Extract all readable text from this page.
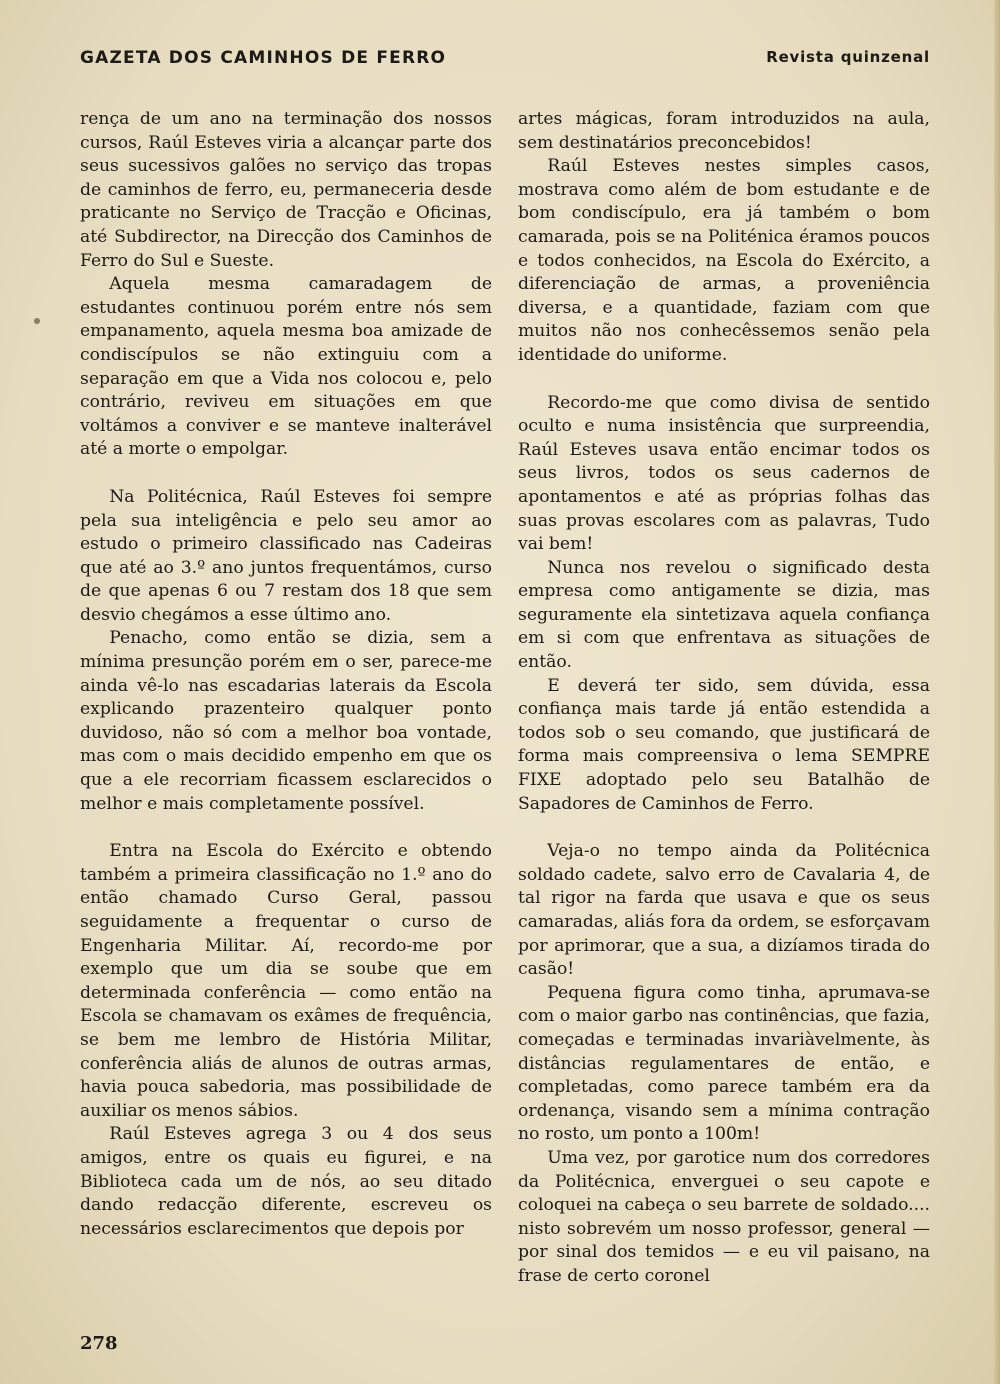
GAZETA DOS CAMINHOS DE FERRO	Revista quinzenal

rença de um ano na terminação dos nossos cursos, Raúl Esteves viria a alcançar parte dos seus sucessivos galões no serviço das tropas de caminhos de ferro, eu, permaneceria desde praticante no Serviço de Tracção e Oficinas, até Subdirector, na Direcção dos Caminhos de Ferro do Sul e Sueste.

Aquela mesma camaradagem de estudantes continuou porém entre nós sem empanamento, aquela mesma boa amizade de condiscípulos se não extinguiu com a separação em que a Vida nos colocou e, pelo contrário, reviveu em situações em que voltámos a conviver e se manteve inalterável até a morte o empolgar.

Na Politécnica, Raúl Esteves foi sempre pela sua inteligência e pelo seu amor ao estudo o primeiro classificado nas Cadeiras que até ao 3.º ano juntos frequentámos, curso de que apenas 6 ou 7 restam dos 18 que sem desvio chegámos a esse último ano.

Penacho, como então se dizia, sem a mínima presunção porém em o ser, parece-me ainda vê-lo nas escadarias laterais da Escola explicando prazenteiro qualquer ponto duvidoso, não só com a melhor boa vontade, mas com o mais decidido empenho em que os que a ele recorriam ficassem esclarecidos o melhor e mais completamente possível.

Entra na Escola do Exército e obtendo também a primeira classificação no 1.º ano do então chamado Curso Geral, passou seguidamente a frequentar o curso de Engenharia Militar. Aí, recordo-me por exemplo que um dia se soube que em determinada conferência — como então na Escola se chamavam os exâmes de frequência, se bem me lembro de História Militar, conferência aliás de alunos de outras armas, havia pouca sabedoria, mas possibilidade de auxiliar os menos sábios.

Raúl Esteves agrega 3 ou 4 dos seus amigos, entre os quais eu figurei, e na Biblioteca cada um de nós, ao seu ditado dando redacção diferente, escreveu os necessários esclarecimentos que depois por

artes mágicas, foram introduzidos na aula, sem destinatários preconcebidos!

Raúl Esteves nestes simples casos, mostrava como além de bom estudante e de bom condiscípulo, era já também o bom camarada, pois se na Politénica éramos poucos e todos conhecidos, na Escola do Exército, a diferenciação de armas, a proveniência diversa, e a quantidade, faziam com que muitos não nos conhecêssemos senão pela identidade do uniforme.

Recordo-me que como divisa de sentido oculto e numa insistência que surpreendia, Raúl Esteves usava então encimar todos os seus livros, todos os seus cadernos de apontamentos e até as próprias folhas das suas provas escolares com as palavras, Tudo vai bem!

Nunca nos revelou o significado desta empresa como antigamente se dizia, mas seguramente ela sintetizava aquela confiança em si com que enfrentava as situações de então.

E deverá ter sido, sem dúvida, essa confiança mais tarde já então estendida a todos sob o seu comando, que justificará de forma mais compreensiva o lema SEMPRE FIXE adoptado pelo seu Batalhão de Sapadores de Caminhos de Ferro.

Veja-o no tempo ainda da Politécnica soldado cadete, salvo erro de Cavalaria 4, de tal rigor na farda que usava e que os seus camaradas, aliás fora da ordem, se esforçavam por aprimorar, que a sua, a dizíamos tirada do casão!

Pequena figura como tinha, aprumava-se com o maior garbo nas continências, que fazia, começadas e terminadas invariàvelmente, às distâncias regulamentares de então, e completadas, como parece também era da ordenança, visando sem a mínima contração no rosto, um ponto a 100m!

Uma vez, por garotice num dos corredores da Politécnica, enverguei o seu capote e coloquei na cabeça o seu barrete de soldado.... nisto sobrevém um nosso professor, general — por sinal dos temidos — e eu vil paisano, na frase de certo coronel

278
